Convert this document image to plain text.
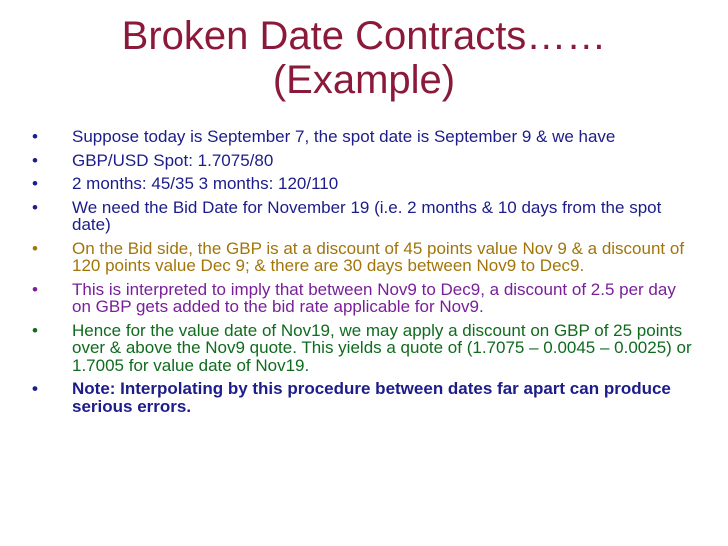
Broken Date Contracts……
(Example)
• Suppose today is September 7, the spot date is September 9 & we have
• GBP/USD Spot: 1.7075/80
• 2 months: 45/35 3 months: 120/110
• We need the Bid Date for November 19 (i.e. 2 months & 10 days from the spot date)
• On the Bid side, the GBP is at a discount of 45 points value Nov 9 & a discount of 120 points value Dec 9; & there are 30 days between Nov9 to Dec9.
• This is interpreted to imply that between Nov9 to Dec9, a discount of 2.5 per day on GBP gets added to the bid rate applicable for Nov9.
• Hence for the value date of Nov19, we may apply a discount on GBP of 25 points over & above the Nov9 quote. This yields a quote of (1.7075 – 0.0045 – 0.0025) or 1.7005 for value date of Nov19.
• Note: Interpolating by this procedure between dates far apart can produce serious errors.
